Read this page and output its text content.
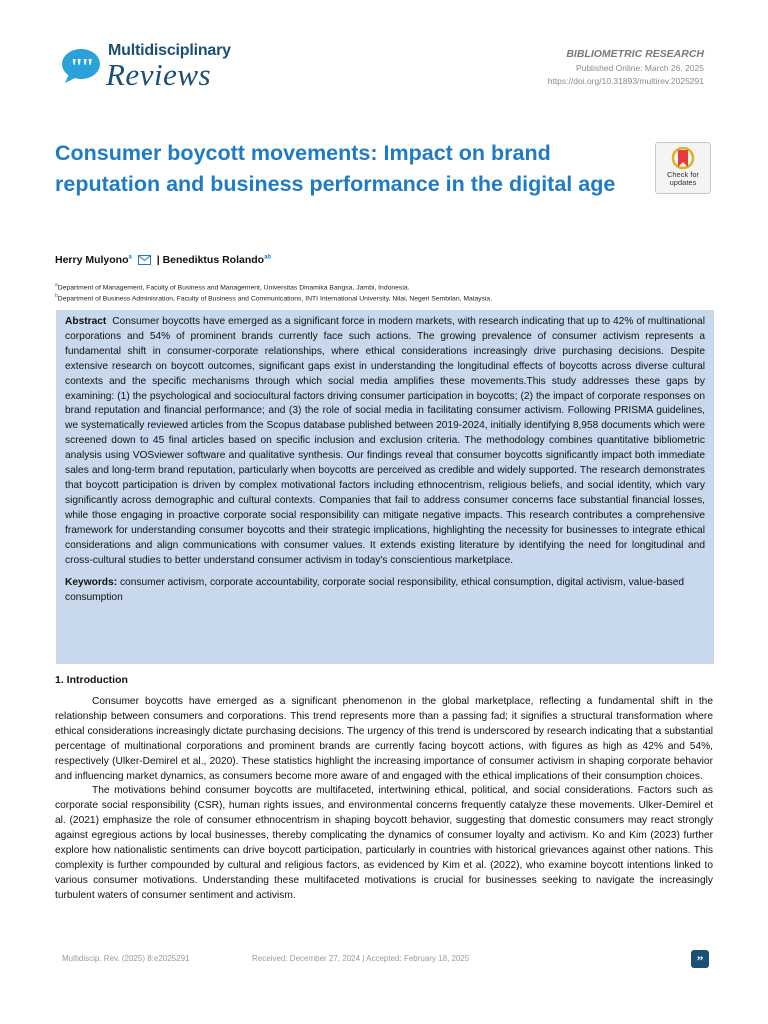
"
"
Multidisciplinary
Reviews
BIBLIOMETRIC RESEARCH
Published Online: March 26, 2025
https://doi.org/10.31893/multirev.2025291
Consumer boycott movements: Impact on brand reputation and business performance in the digital age	Check for
updates
Herry Mulyono$^a$ | Benediktus Rolando$^{ab}$
$^a$Department of Management, Faculty of Business and Management, Universitas Dinamika Bangsa, Jambi, Indonesia.
$^b$Department of Business Adminisration, Faculty of Business and Communications, INTI International University, Nilai, Negeri Sembilan, Malaysia.

Abstract Consumer boycotts have emerged as a significant force in modern markets, with research indicating that up to 42% of multinational corporations and 54% of prominent brands currently face such actions. The growing prevalence of consumer activism represents a fundamental shift in consumer-corporate relationships, where ethical considerations increasingly drive purchasing decisions. Despite extensive research on boycott outcomes, significant gaps exist in understanding the longitudinal effects of boycotts across diverse cultural contexts and the specific mechanisms through which social media amplifies these movements.This study addresses these gaps by examining: (1) the psychological and sociocultural factors driving consumer participation in boycotts; (2) the impact of corporate responses on brand reputation and financial performance; and (3) the role of social media in facilitating consumer activism. Following PRISMA guidelines, we systematically reviewed articles from the Scopus database published between 2019-2024, initially identifying 8,958 documents which were screened down to 45 final articles based on specific inclusion and exclusion criteria. The methodology combines quantitative bibliometric analysis using VOSviewer software and qualitative synthesis. Our findings reveal that consumer boycotts significantly impact both immediate sales and long-term brand reputation, particularly when boycotts are perceived as credible and widely supported. The research demonstrates that boycott participation is driven by complex motivational factors including ethnocentrism, religious beliefs, and social identity, which vary significantly across demographic and cultural contexts. Companies that fail to address consumer concerns face substantial financial losses, while those engaging in proactive corporate social responsibility can mitigate negative impacts. This research contributes a comprehensive framework for understanding consumer boycotts and their strategic implications, highlighting the necessity for businesses to integrate ethical considerations and align communications with consumer values. It extends existing literature by identifying the need for longitudinal and cross-cultural studies to better understand consumer activism in today's conscientious marketplace.

Keywords: consumer activism, corporate accountability, corporate social responsibility, ethical consumption, digital activism, value-based consumption

1. Introduction

Consumer boycotts have emerged as a significant phenomenon in the global marketplace, reflecting a fundamental shift in the relationship between consumers and corporations. This trend represents more than a passing fad; it signifies a structural transformation where ethical considerations increasingly dictate purchasing decisions. The urgency of this trend is underscored by research indicating that a substantial percentage of multinational corporations and prominent brands are currently facing boycott actions, with figures as high as 42% and 54%, respectively (Ulker-Demirel et al., 2020). These statistics highlight the increasing importance of consumer activism in shaping corporate behavior and influencing market dynamics, as consumers become more aware of and engaged with the ethical implications of their consumption choices.

The motivations behind consumer boycotts are multifaceted, intertwining ethical, political, and social considerations. Factors such as corporate social responsibility (CSR), human rights issues, and environmental concerns frequently catalyze these movements. Ulker-Demirel et al. (2021) emphasize the role of consumer ethnocentrism in shaping boycott behavior, suggesting that domestic consumers may react strongly against egregious actions by local businesses, thereby complicating the dynamics of consumer loyalty and activism. Ko and Kim (2023) further explore how nationalistic sentiments can drive boycott participation, particularly in countries with historical grievances against other nations. This complexity is further compounded by cultural and religious factors, as evidenced by Kim et al. (2022), who examine boycott intentions linked to various consumer motivations. Understanding these multifaceted motivations is crucial for businesses seeking to navigate the increasingly turbulent waters of consumer sentiment and activism.

Multidiscip. Rev. (2025) 8:e2025291	Received: December 27, 2024 | Accepted: February 18, 2025	”
